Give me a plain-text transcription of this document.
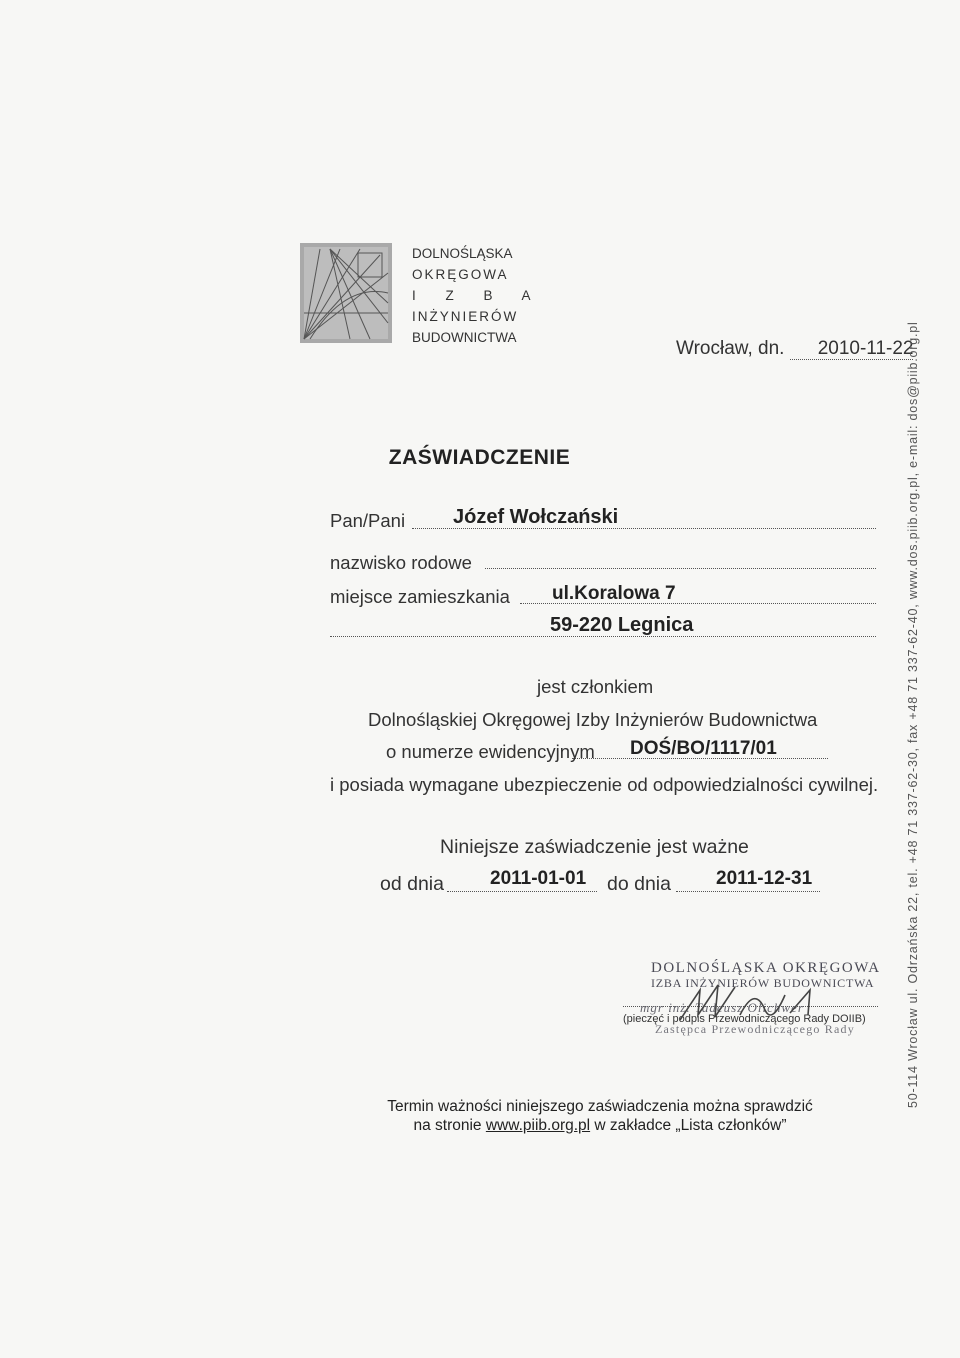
DOLNOŚLĄSKA
OKRĘGOWA
I Z B A
INŻYNIERÓW
BUDOWNICTWA
Wrocław, dn. 2010-11-22
ZAŚWIADCZENIE
Pan/Pani Józef Wołczański
nazwisko rodowe
miejsce zamieszkania ul.Koralowa 7
59-220 Legnica
jest członkiem
Dolnośląskiej Okręgowej Izby Inżynierów Budownictwa
o numerze ewidencyjnym DOŚ/BO/1117/01
i posiada wymagane ubezpieczenie od odpowiedzialności cywilnej.
Niniejsze zaświadczenie jest ważne
od dnia 2011-01-01 do dnia 2011-12-31
DOLNOŚLĄSKA OKRĘGOWA
IZBA INŻYNIERÓW BUDOWNICTWA
mgr inż. Tadeusz Olichwer
(pieczęć i podpis Przewodniczącego Rady DOIIB)
Zastępca Przewodniczącego Rady
Termin ważności niniejszego zaświadczenia można sprawdzić
na stronie www.piib.org.pl w zakładce „Lista członków”
50-114 Wrocław ul. Odrzańska 22, tel. +48 71 337-62-30, fax +48 71 337-62-40, www.dos.piib.org.pl, e-mail: dos@piib.org.pl
